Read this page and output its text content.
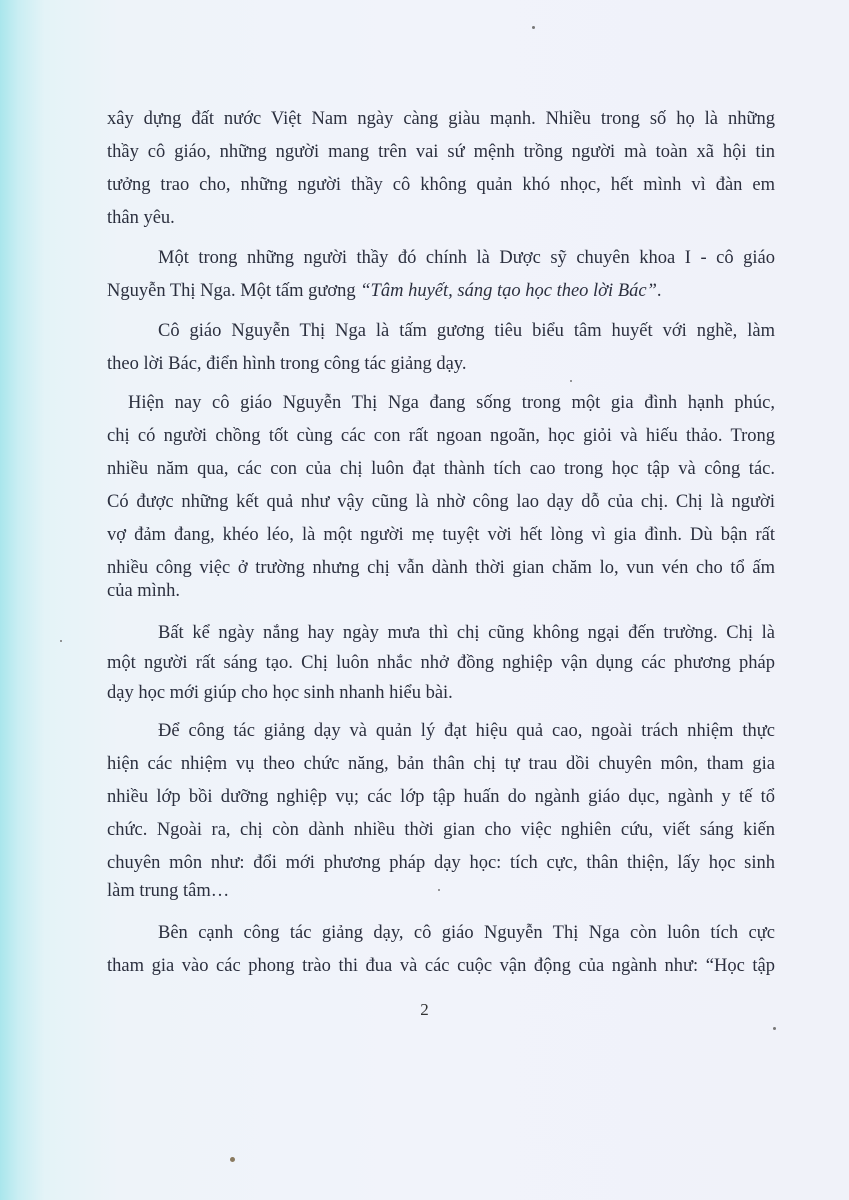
xây dựng đất nước Việt Nam ngày càng giàu mạnh. Nhiều trong số họ là những
thầy cô giáo, những người mang trên vai sứ mệnh trồng người mà toàn xã hội tin
tưởng trao cho, những người thầy cô không quản khó nhọc, hết mình vì đàn em
thân yêu.
Một trong những người thầy đó chính là Dược sỹ chuyên khoa I - cô giáo
Nguyễn Thị Nga. Một tấm gương “Tâm huyết, sáng tạo học theo lời Bác”.
Cô giáo Nguyễn Thị Nga là tấm gương tiêu biểu tâm huyết với nghề, làm
theo lời Bác, điển hình trong công tác giảng dạy.
Hiện nay cô giáo Nguyễn Thị Nga đang sống trong một gia đình hạnh phúc,
chị có người chồng tốt cùng các con rất ngoan ngoãn, học giỏi và hiếu thảo. Trong
nhiều năm qua, các con của chị luôn đạt thành tích cao trong học tập và công tác.
Có được những kết quả như vậy cũng là nhờ công lao dạy dỗ của chị. Chị là người
vợ đảm đang, khéo léo, là một người mẹ tuyệt vời hết lòng vì gia đình. Dù bận rất
nhiều công việc ở trường nhưng chị vẫn dành thời gian chăm lo, vun vén cho tổ ấm
của mình.
Bất kể ngày nắng hay ngày mưa thì chị cũng không ngại đến trường. Chị là
một người rất sáng tạo. Chị luôn nhắc nhở đồng nghiệp vận dụng các phương pháp
dạy học mới giúp cho học sinh nhanh hiểu bài.
Để công tác giảng dạy và quản lý đạt hiệu quả cao, ngoài trách nhiệm thực
hiện các nhiệm vụ theo chức năng, bản thân chị tự trau dồi chuyên môn, tham gia
nhiều lớp bồi dưỡng nghiệp vụ; các lớp tập huấn do ngành giáo dục, ngành y tế tổ
chức. Ngoài ra, chị còn dành nhiều thời gian cho việc nghiên cứu, viết sáng kiến
chuyên môn như: đổi mới phương pháp dạy học: tích cực, thân thiện, lấy học sinh
làm trung tâm…
Bên cạnh công tác giảng dạy, cô giáo Nguyễn Thị Nga còn luôn tích cực
tham gia vào các phong trào thi đua và các cuộc vận động của ngành như: “Học tập
2
